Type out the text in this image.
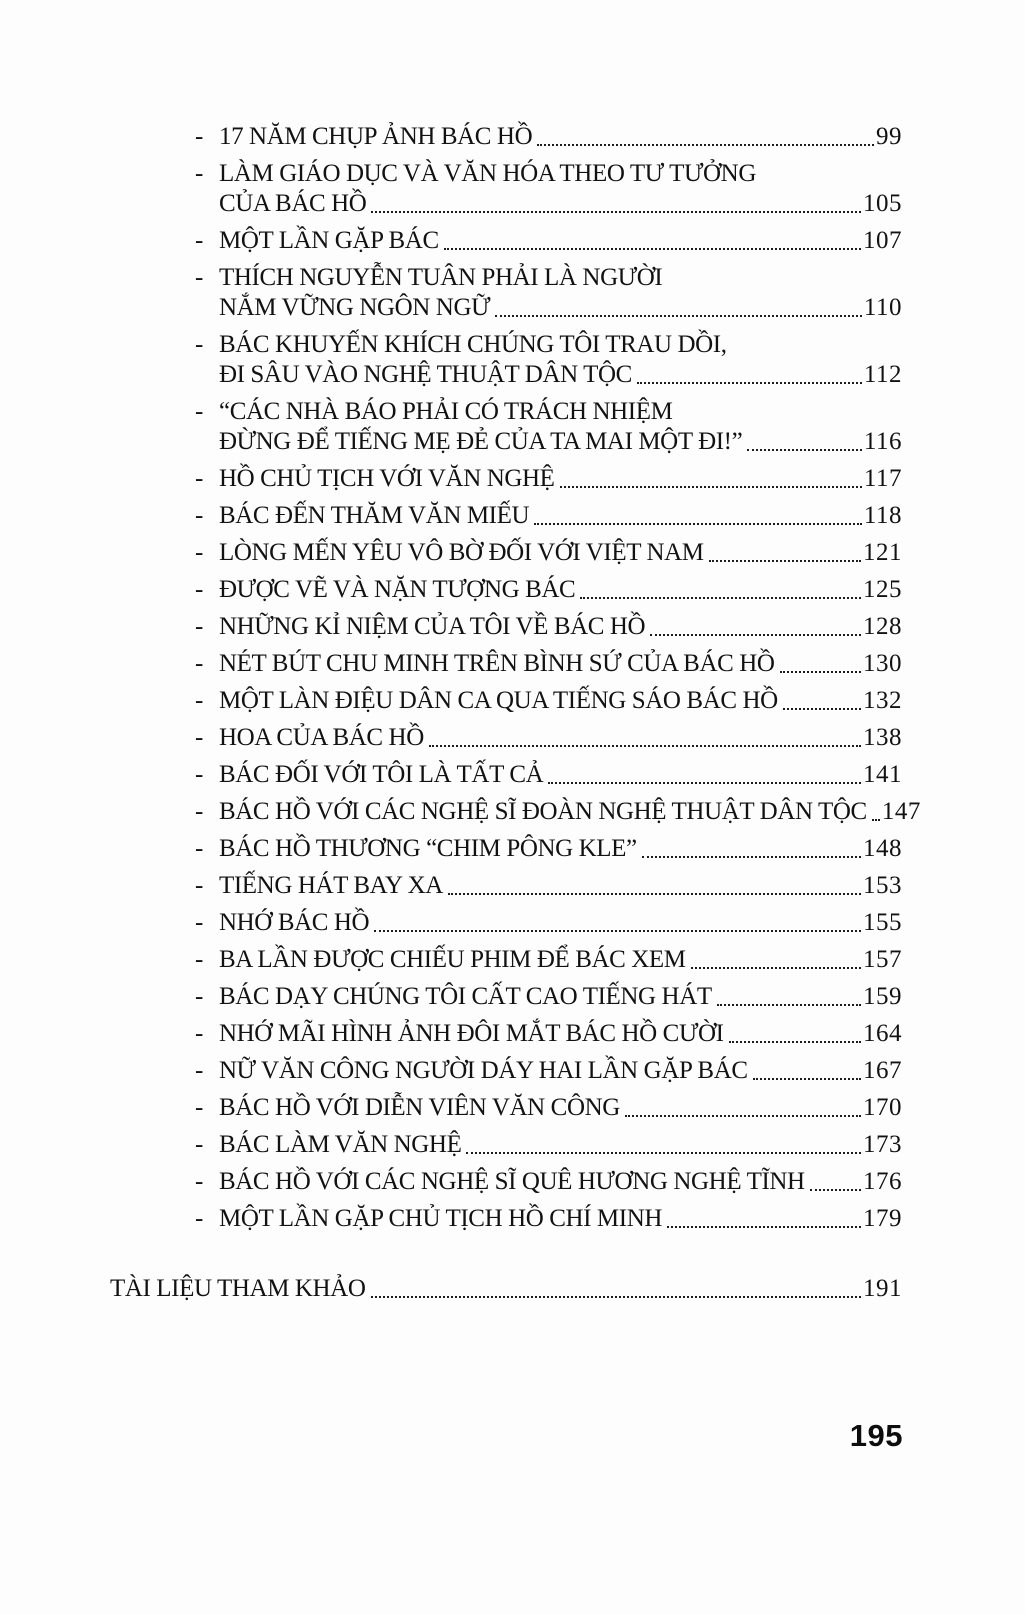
- 17 NĂM CHỤP ẢNH BÁC HỒ	99
- LÀM GIÁO DỤC VÀ VĂN HÓA THEO TƯ TƯỞNG
CỦA BÁC HỒ	105
- MỘT LẦN GẶP BÁC	107
- THÍCH NGUYỄN TUÂN PHẢI LÀ NGƯỜI
NẮM VỮNG NGÔN NGỮ	110
- BÁC KHUYẾN KHÍCH CHÚNG TÔI TRAU DỒI,
ĐI SÂU VÀO NGHỆ THUẬT DÂN TỘC	112
- “CÁC NHÀ BÁO PHẢI CÓ TRÁCH NHIỆM
ĐỪNG ĐỂ TIẾNG MẸ ĐẺ CỦA TA MAI MỘT ĐI!”	116
- HỒ CHỦ TỊCH VỚI VĂN NGHỆ	117
- BÁC ĐẾN THĂM VĂN MIẾU	118
- LÒNG MẾN YÊU VÔ BỜ ĐỐI VỚI VIỆT NAM	121
- ĐƯỢC VẼ VÀ NẶN TƯỢNG BÁC	125
- NHỮNG KỈ NIỆM CỦA TÔI VỀ BÁC HỒ	128
- NÉT BÚT CHU MINH TRÊN BÌNH SỨ CỦA BÁC HỒ	130
- MỘT LÀN ĐIỆU DÂN CA QUA TIẾNG SÁO BÁC HỒ	132
- HOA CỦA BÁC HỒ	138
- BÁC ĐỐI VỚI TÔI LÀ TẤT CẢ	141
- BÁC HỒ VỚI CÁC NGHỆ SĨ ĐOÀN NGHỆ THUẬT DÂN TỘC 147
- BÁC HỒ THƯƠNG “CHIM PÔNG KLE”	148
- TIẾNG HÁT BAY XA	153
- NHỚ BÁC HỒ	155
- BA LẦN ĐƯỢC CHIẾU PHIM ĐỂ BÁC XEM	157
- BÁC DẠY CHÚNG TÔI CẤT CAO TIẾNG HÁT	159
- NHỚ MÃI HÌNH ẢNH ĐÔI MẮT BÁC HỒ CƯỜI	164
- NỮ VĂN CÔNG NGƯỜI DÁY HAI LẦN GẶP BÁC	167
- BÁC HỒ VỚI DIỄN VIÊN VĂN CÔNG	170
- BÁC LÀM VĂN NGHỆ	173
- BÁC HỒ VỚI CÁC NGHỆ SĨ QUÊ HƯƠNG NGHỆ TĨNH 176
- MỘT LẦN GẶP CHỦ TỊCH HỒ CHÍ MINH	179
TÀI LIỆU THAM KHẢO	191
195
